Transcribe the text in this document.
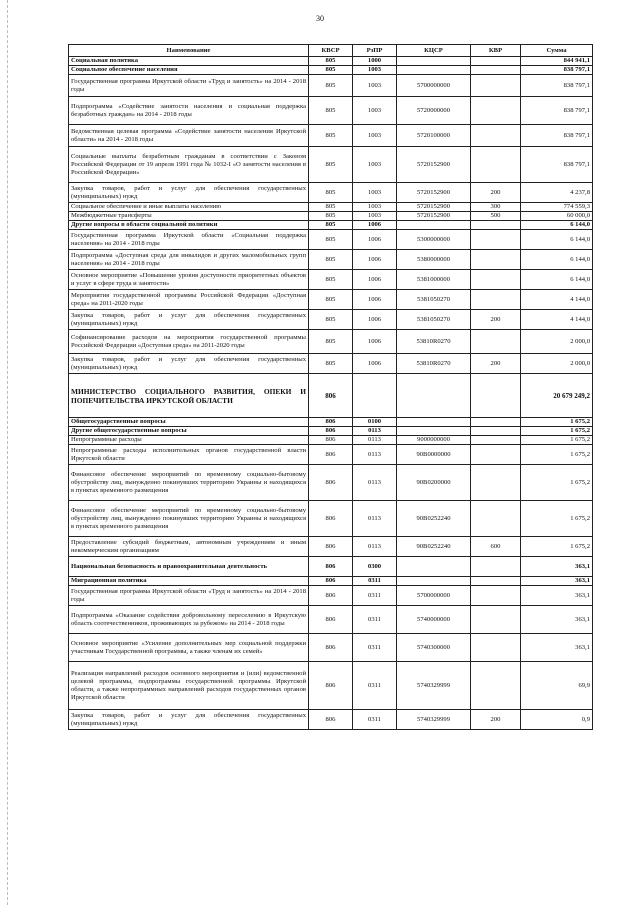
30
Наименование	КВСР	РзПР	КЦСР	КВР	Сумма
Социальная политика	805	1000			844 941,1
Социальное обеспечение населения	805	1003			838 797,1
Государственная программа Иркутской области «Труд и занятость» на 2014 - 2018 годы	805	1003	5700000000		838 797,1
Подпрограмма «Содействие занятости населения и социальная поддержка безработных граждан» на 2014 - 2018 годы	805	1003	5720000000		838 797,1
Ведомственная целевая программа «Содействие занятости населения Иркутской области» на 2014 - 2018 годы	805	1003	5720100000		838 797,1
Социальные выплаты безработным гражданам в соответствии с Законом Российской Федерации от 19 апреля 1991 года № 1032-I «О занятости населения в Российской Федерации»	805	1003	5720152900		838 797,1
Закупка товаров, работ и услуг для обеспечения государственных (муниципальных) нужд	805	1003	5720152900	200	4 237,8
Социальное обеспечение и иные выплаты населению	805	1003	5720152900	300	774 559,3
Межбюджетные трансферты	805	1003	5720152900	500	60 000,0
Другие вопросы в области социальной политики	805	1006			6 144,0
Государственная программа Иркутской области «Социальная поддержка населения» на 2014 - 2018 годы	805	1006	5300000000		6 144,0
Подпрограмма «Доступная среда для инвалидов и других маломобильных групп населения» на 2014 - 2018 годы	805	1006	5380000000		6 144,0
Основное мероприятие «Повышение уровня доступности приоритетных объектов и услуг в сфере труда и занятости»	805	1006	5381000000		6 144,0
Мероприятия государственной программы Российской Федерации «Доступная среда» на 2011-2020 годы	805	1006	5381050270		4 144,0
Закупка товаров, работ и услуг для обеспечения государственных (муниципальных) нужд	805	1006	5381050270	200	4 144,0
Софинансирование расходов на мероприятия государственной программы Российской Федерации «Доступная среда» на 2011-2020 годы	805	1006	53810R0270		2 000,0
Закупка товаров, работ и услуг для обеспечения государственных (муниципальных) нужд	805	1006	53810R0270	200	2 000,0
МИНИСТЕРСТВО СОЦИАЛЬНОГО РАЗВИТИЯ, ОПЕКИ И ПОПЕЧИТЕЛЬСТВА ИРКУТСКОЙ ОБЛАСТИ	806				20 679 249,2
Общегосударственные вопросы	806	0100			1 675,2
Другие общегосударственные вопросы	806	0113			1 675,2
Непрограммные расходы	806	0113	9000000000		1 675,2
Непрограммные расходы исполнительных органов государственной власти Иркутской области	806	0113	90В0000000		1 675,2
Финансовое обеспечение мероприятий по временному социально-бытовому обустройству лиц, вынужденно покинувших территорию Украины и находящихся в пунктах временного размещения	806	0113	90В0200000		1 675,2
Финансовое обеспечение мероприятий по временному социально-бытовому обустройству лиц, вынужденно покинувших территорию Украины и находящихся в пунктах временного размещения	806	0113	90В0252240		1 675,2
Предоставление субсидий бюджетным, автономным учреждениям и иным некоммерческим организациям	806	0113	90В0252240	600	1 675,2
Национальная безопасность и правоохранительная деятельность	806	0300			363,1
Миграционная политика	806	0311			363,1
Государственная программа Иркутской области «Труд и занятость» на 2014 - 2018 годы	806	0311	5700000000		363,1
Подпрограмма «Оказание содействия добровольному переселению в Иркутскую область соотечественников, проживающих за рубежом» на 2014 - 2018 годы	806	0311	5740000000		363,1
Основное мероприятие «Усиление дополнительных мер социальной поддержки участникам Государственной программы, а также членам их семей»	806	0311	5740300000		363,1
Реализация направлений расходов основного мероприятия и (или) ведомственной целевой программы, подпрограммы государственной программы Иркутской области, а также непрограммных направлений расходов государственных органов Иркутской области	806	0311	5740329999		69,9
Закупка товаров, работ и услуг для обеспечения государственных (муниципальных) нужд	806	0311	5740329999	200	0,9
